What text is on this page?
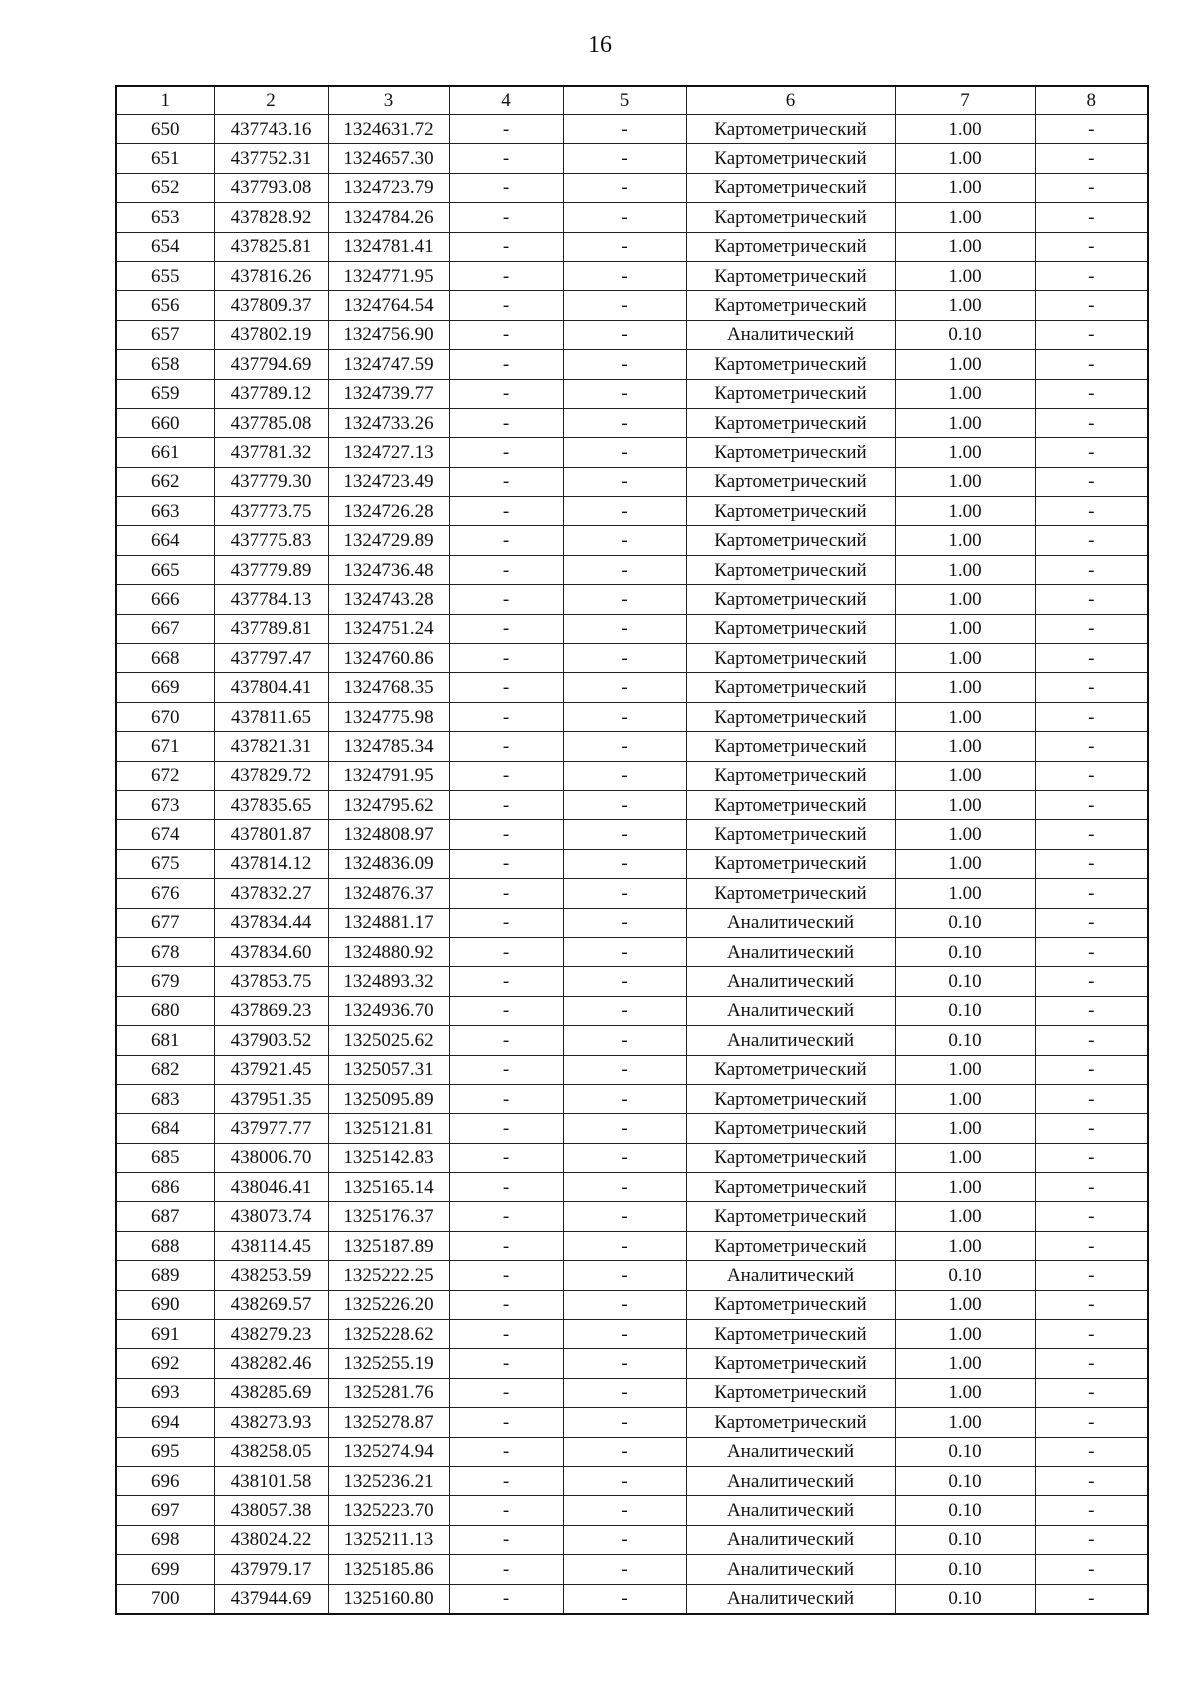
16
1	2	3	4	5	6	7	8
650	437743.16	1324631.72	-	-	Картометрический	1.00	-
651	437752.31	1324657.30	-	-	Картометрический	1.00	-
652	437793.08	1324723.79	-	-	Картометрический	1.00	-
653	437828.92	1324784.26	-	-	Картометрический	1.00	-
654	437825.81	1324781.41	-	-	Картометрический	1.00	-
655	437816.26	1324771.95	-	-	Картометрический	1.00	-
656	437809.37	1324764.54	-	-	Картометрический	1.00	-
657	437802.19	1324756.90	-	-	Аналитический	0.10	-
658	437794.69	1324747.59	-	-	Картометрический	1.00	-
659	437789.12	1324739.77	-	-	Картометрический	1.00	-
660	437785.08	1324733.26	-	-	Картометрический	1.00	-
661	437781.32	1324727.13	-	-	Картометрический	1.00	-
662	437779.30	1324723.49	-	-	Картометрический	1.00	-
663	437773.75	1324726.28	-	-	Картометрический	1.00	-
664	437775.83	1324729.89	-	-	Картометрический	1.00	-
665	437779.89	1324736.48	-	-	Картометрический	1.00	-
666	437784.13	1324743.28	-	-	Картометрический	1.00	-
667	437789.81	1324751.24	-	-	Картометрический	1.00	-
668	437797.47	1324760.86	-	-	Картометрический	1.00	-
669	437804.41	1324768.35	-	-	Картометрический	1.00	-
670	437811.65	1324775.98	-	-	Картометрический	1.00	-
671	437821.31	1324785.34	-	-	Картометрический	1.00	-
672	437829.72	1324791.95	-	-	Картометрический	1.00	-
673	437835.65	1324795.62	-	-	Картометрический	1.00	-
674	437801.87	1324808.97	-	-	Картометрический	1.00	-
675	437814.12	1324836.09	-	-	Картометрический	1.00	-
676	437832.27	1324876.37	-	-	Картометрический	1.00	-
677	437834.44	1324881.17	-	-	Аналитический	0.10	-
678	437834.60	1324880.92	-	-	Аналитический	0.10	-
679	437853.75	1324893.32	-	-	Аналитический	0.10	-
680	437869.23	1324936.70	-	-	Аналитический	0.10	-
681	437903.52	1325025.62	-	-	Аналитический	0.10	-
682	437921.45	1325057.31	-	-	Картометрический	1.00	-
683	437951.35	1325095.89	-	-	Картометрический	1.00	-
684	437977.77	1325121.81	-	-	Картометрический	1.00	-
685	438006.70	1325142.83	-	-	Картометрический	1.00	-
686	438046.41	1325165.14	-	-	Картометрический	1.00	-
687	438073.74	1325176.37	-	-	Картометрический	1.00	-
688	438114.45	1325187.89	-	-	Картометрический	1.00	-
689	438253.59	1325222.25	-	-	Аналитический	0.10	-
690	438269.57	1325226.20	-	-	Картометрический	1.00	-
691	438279.23	1325228.62	-	-	Картометрический	1.00	-
692	438282.46	1325255.19	-	-	Картометрический	1.00	-
693	438285.69	1325281.76	-	-	Картометрический	1.00	-
694	438273.93	1325278.87	-	-	Картометрический	1.00	-
695	438258.05	1325274.94	-	-	Аналитический	0.10	-
696	438101.58	1325236.21	-	-	Аналитический	0.10	-
697	438057.38	1325223.70	-	-	Аналитический	0.10	-
698	438024.22	1325211.13	-	-	Аналитический	0.10	-
699	437979.17	1325185.86	-	-	Аналитический	0.10	-
700	437944.69	1325160.80	-	-	Аналитический	0.10	-
